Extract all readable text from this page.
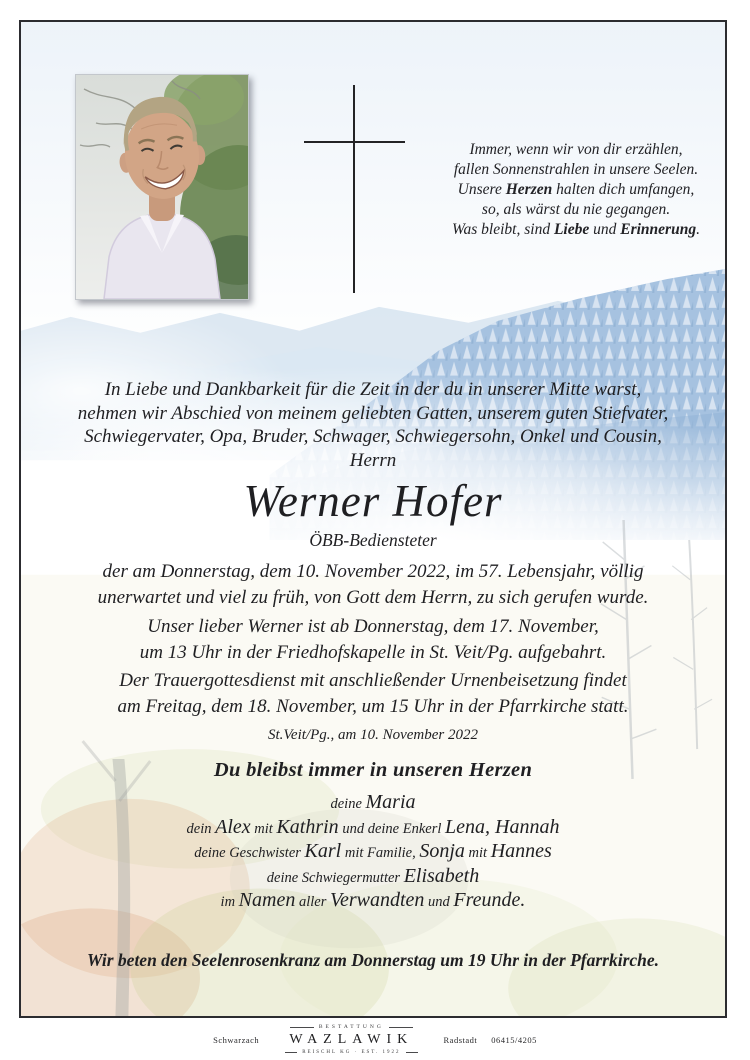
Immer, wenn wir von dir erzählen,
fallen Sonnenstrahlen in unsere Seelen.
Unsere Herzen halten dich umfangen,
so, als wärst du nie gegangen.
Was bleibt, sind Liebe und Erinnerung.
In Liebe und Dankbarkeit für die Zeit in der du in unserer Mitte warst,
nehmen wir Abschied von meinem geliebten Gatten, unserem guten Stiefvater,
Schwiegervater, Opa, Bruder, Schwager, Schwiegersohn, Onkel und Cousin,
Herrn
Werner Hofer
ÖBB-Bediensteter
der am Donnerstag, dem 10. November 2022, im 57. Lebensjahr, völlig
unerwartet und viel zu früh, von Gott dem Herrn, zu sich gerufen wurde.
Unser lieber Werner ist ab Donnerstag, dem 17. November,
um 13 Uhr in der Friedhofskapelle in St. Veit/Pg. aufgebahrt.
Der Trauergottesdienst mit anschließender Urnenbeisetzung findet
am Freitag, dem 18. November, um 15 Uhr in der Pfarrkirche statt.
St.Veit/Pg., am 10. November 2022
Du bleibst immer in unseren Herzen
deine Maria
dein Alex mit Kathrin und deine Enkerl Lena, Hannah
deine Geschwister Karl mit Familie, Sonja mit Hannes
deine Schwiegermutter Elisabeth
im Namen aller Verwandten und Freunde.
Wir beten den Seelenrosenkranz am Donnerstag um 19 Uhr in der Pfarrkirche.
Schwarzach
BESTATTUNG
WAZLAWIK
REISCHL KG · EST. 1922
Radstadt 06415/4205
